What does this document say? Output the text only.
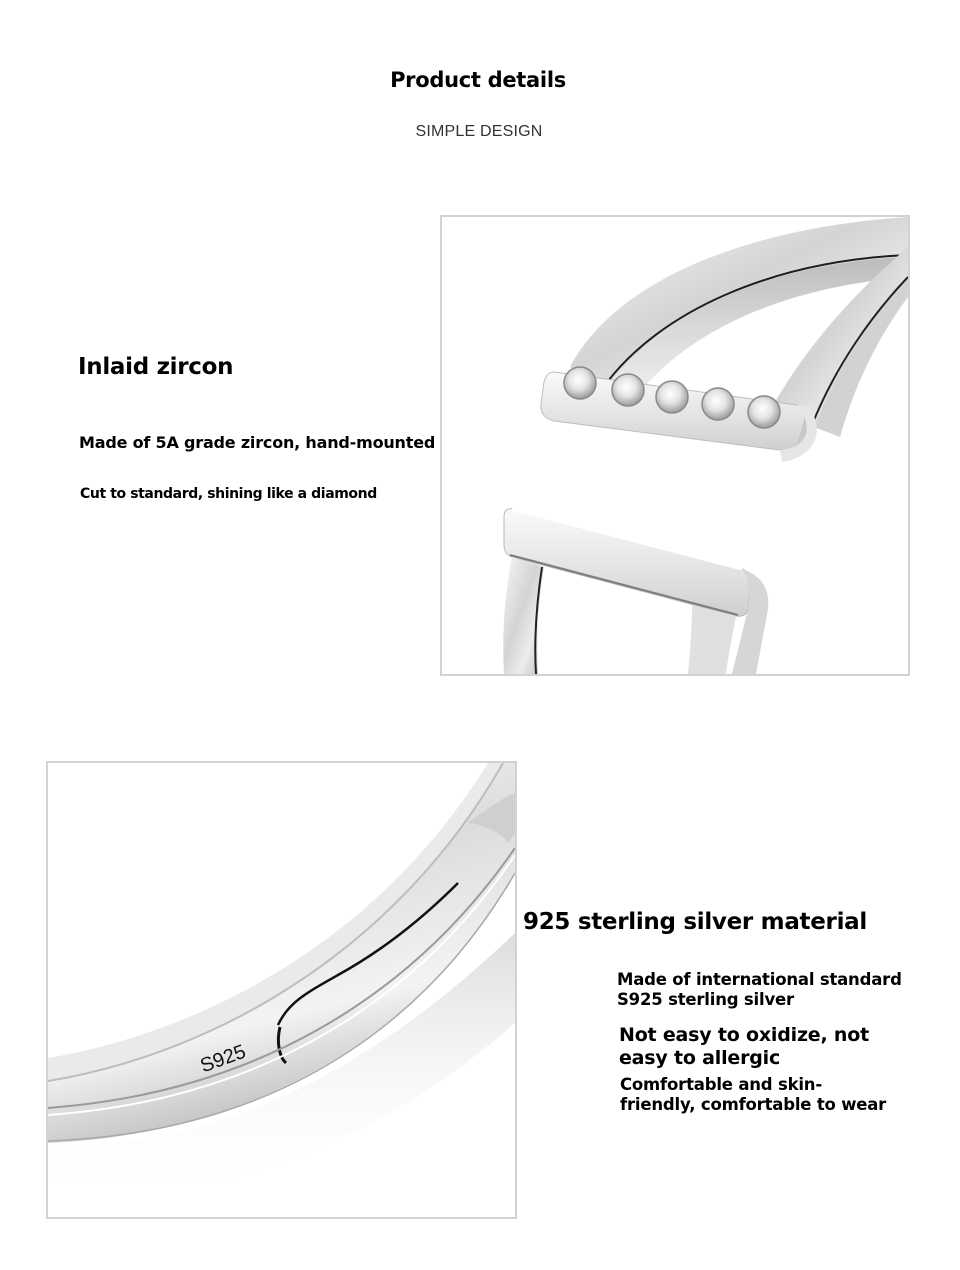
Product details
SIMPLE DESIGN
Inlaid zircon
Made of 5A grade zircon, hand-mounted
Cut to standard, shining like a diamond
S925
925 sterling silver material
Made of international standard
S925 sterling silver
Not easy to oxidize, not
easy to allergic
Comfortable and skin-
friendly, comfortable to wear
